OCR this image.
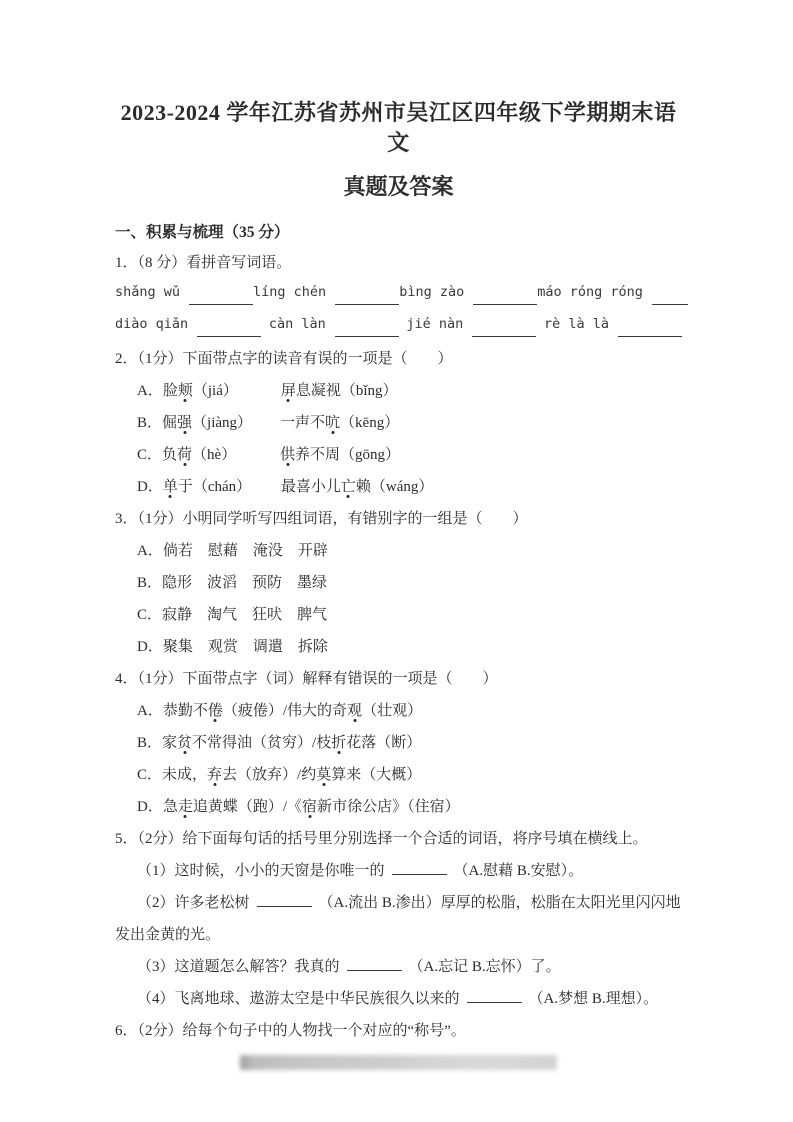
2023-2024 学年江苏省苏州市吴江区四年级下学期期末语文
真题及答案
一、积累与梳理（35 分）

1．（8 分）看拼音写词语。

shǎng wǔ	líng chén	bìng zào	máo róng róng
diào qiǎn	càn làn	jié nàn	rè là là

2．（1分）下面带点字的读音有误的一项是（　　）

A．脸颊（jiá）	屏息凝视（bǐng）

B．倔强（jiàng） 一声不吭（kēng）

C．负荷（hè）	供养不周（gōng）

D．单于（chán） 最喜小儿亡赖（wáng）

3．（1分）小明同学听写四组词语，有错别字的一组是（　　）

A．倘若　慰藉　淹没　开辟

B．隐形　波滔　预防　墨绿

C．寂静　淘气　狂吠　脾气

D．聚集　观赏　调遣　拆除

4．（1分）下面带点字（词）解释有错误的一项是（　　）

A．恭勤不倦（疲倦）/伟大的奇观（壮观）

B．家贫不常得油（贫穷）/枝折花落（断）

C．未成，弃去（放弃）/约莫算来（大概）

D．急走追黄蝶（跑）/《宿新市徐公店》（住宿）

5．（2分）给下面每句话的括号里分别选择一个合适的词语，将序号填在横线上。

（1）这时候，小小的天窗是你唯一的	（A.慰藉 B.安慰）。

（2）许多老松树	（A.流出 B.渗出）厚厚的松脂，松脂在太阳光里闪闪地发出金黄的光。

（3）这道题怎么解答？我真的	（A.忘记 B.忘怀）了。

（4）飞离地球、遨游太空是中华民族很久以来的	（A.梦想 B.理想）。

6．（2分）给每个句子中的人物找一个对应的“称号”。
